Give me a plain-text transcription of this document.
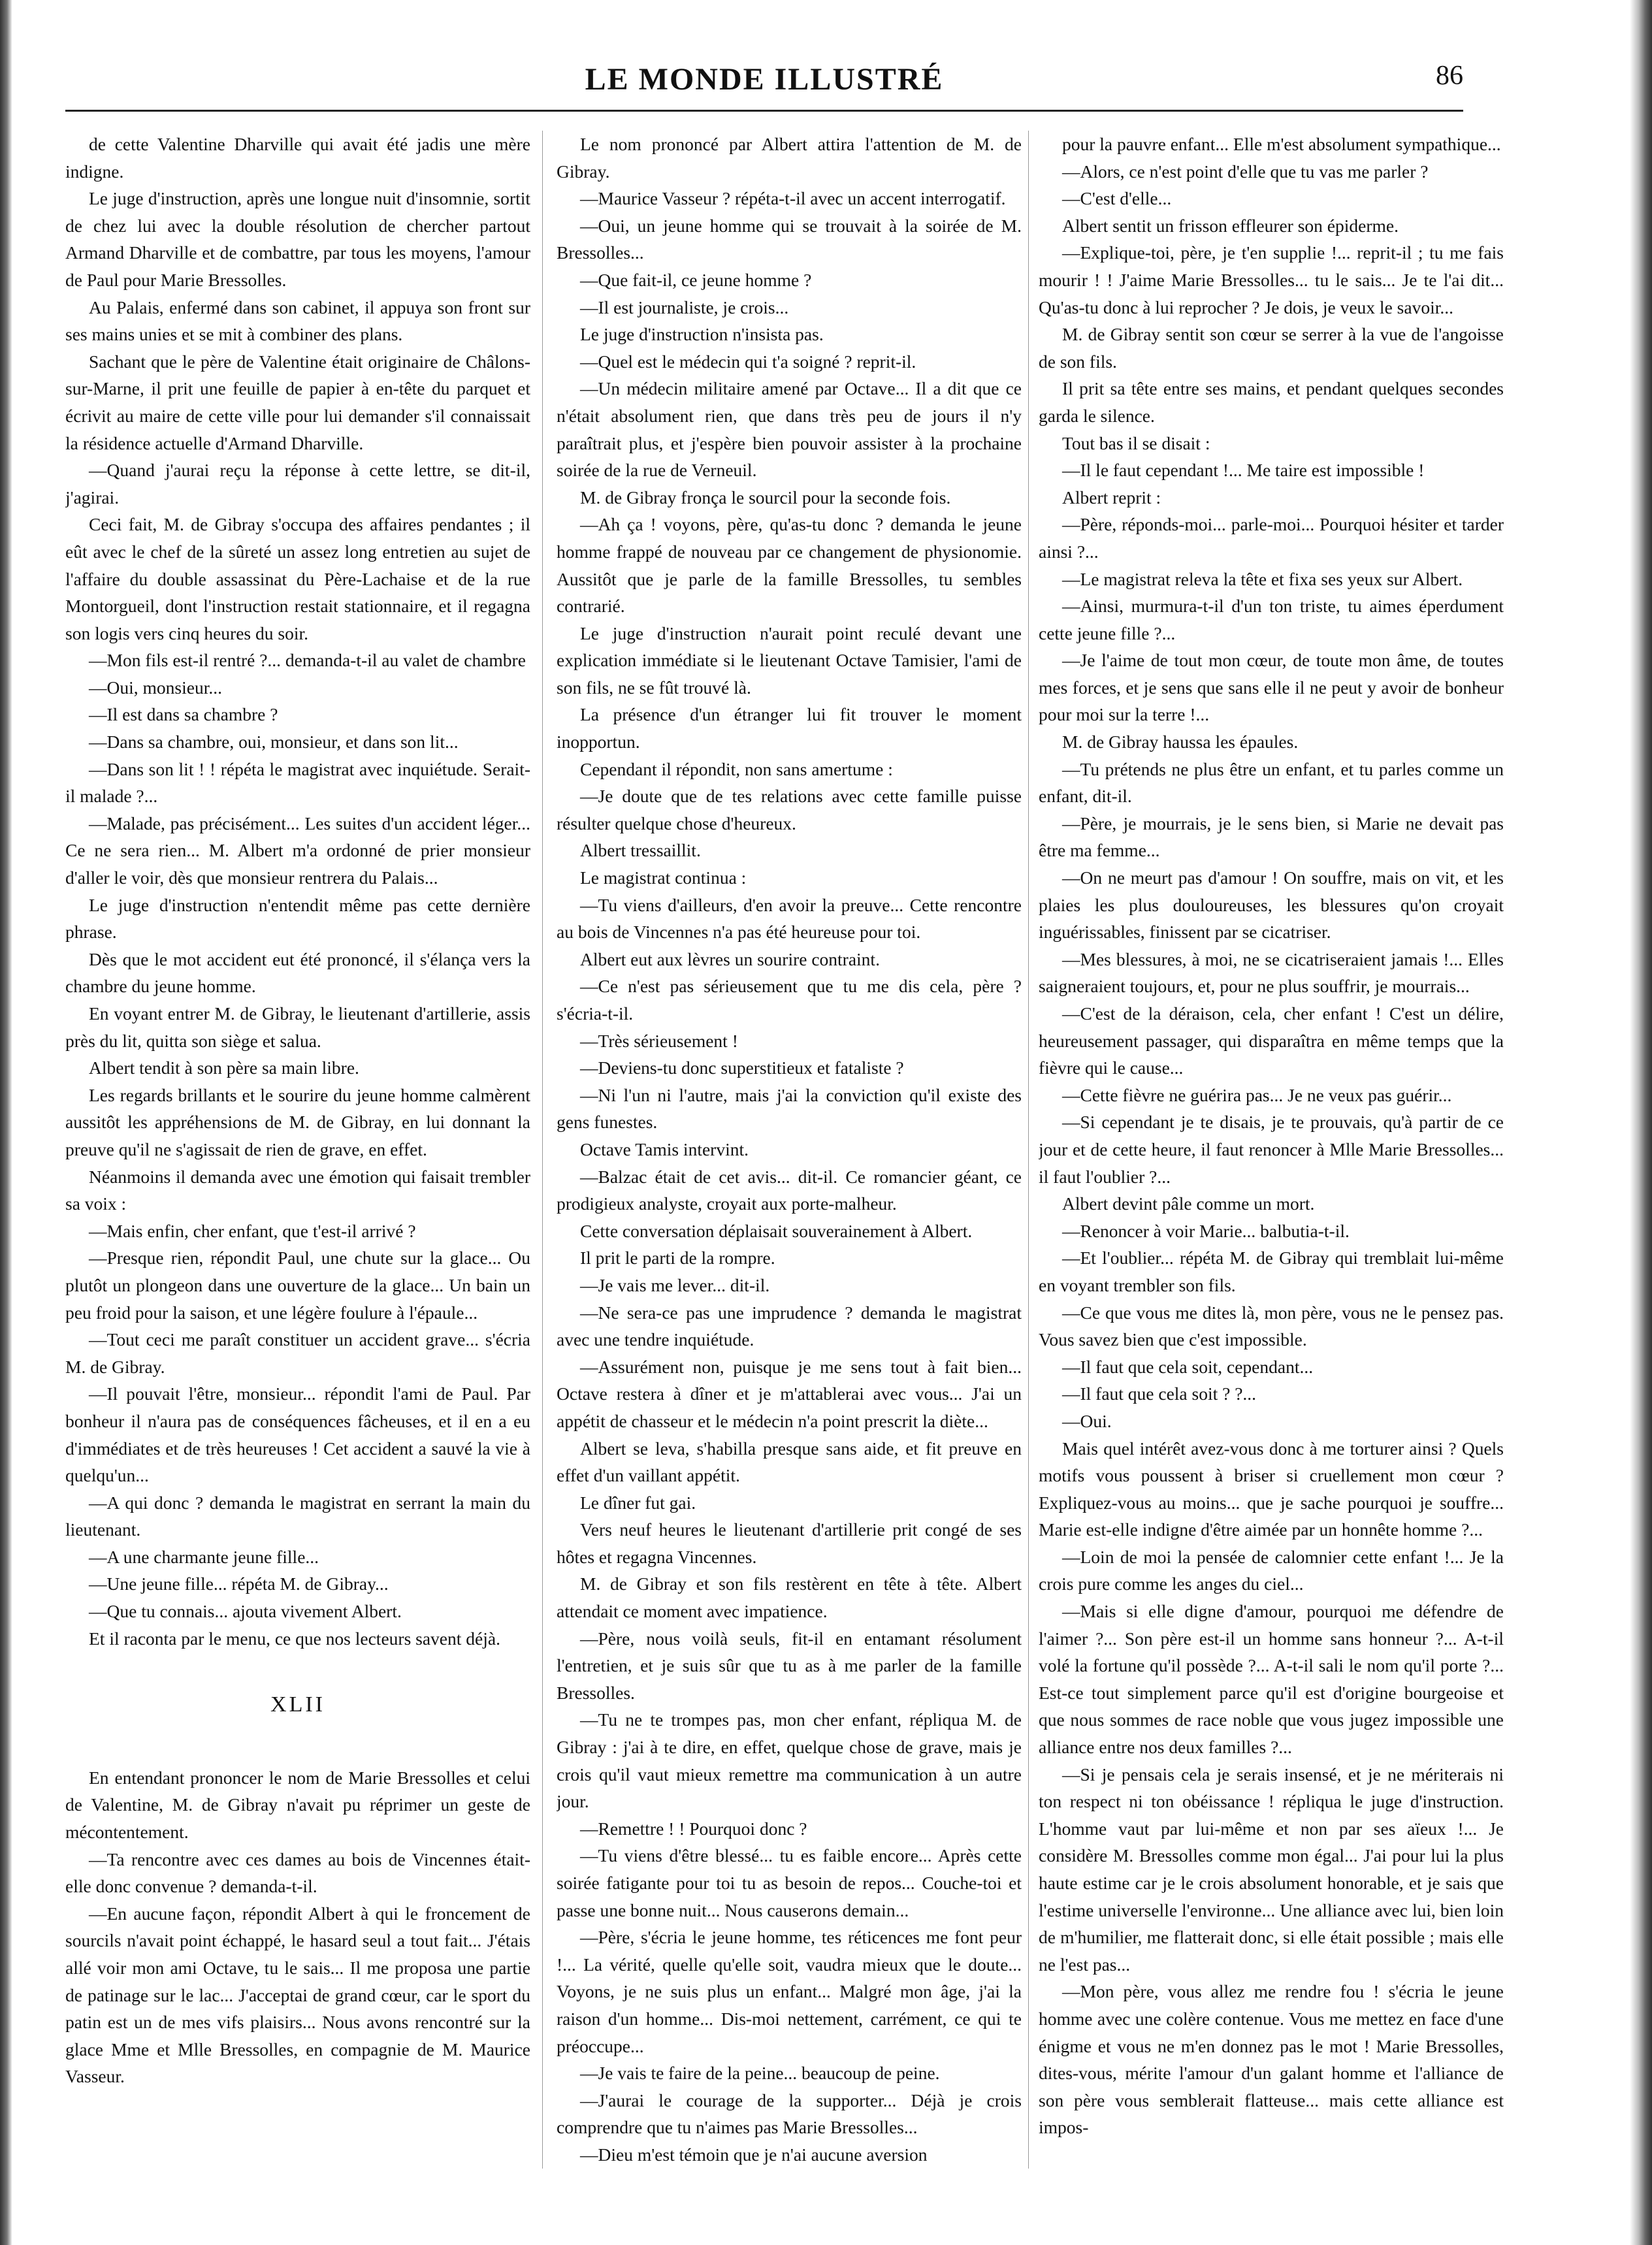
LE MONDE ILLUSTRÉ	86

de cette Valentine Dharville qui avait été jadis une mère indigne.

Le juge d'instruction, après une longue nuit d'insomnie, sortit de chez lui avec la double résolution de chercher partout Armand Dharville et de combattre, par tous les moyens, l'amour de Paul pour Marie Bressolles.

Au Palais, enfermé dans son cabinet, il appuya son front sur ses mains unies et se mit à combiner des plans.

Sachant que le père de Valentine était originaire de Châlons-sur-Marne, il prit une feuille de papier à en-tête du parquet et écrivit au maire de cette ville pour lui demander s'il connaissait la résidence actuelle d'Armand Dharville.

—Quand j'aurai reçu la réponse à cette lettre, se dit-il, j'agirai.

Ceci fait, M. de Gibray s'occupa des affaires pendantes ; il eût avec le chef de la sûreté un assez long entretien au sujet de l'affaire du double assassinat du Père-Lachaise et de la rue Montorgueil, dont l'instruction restait stationnaire, et il regagna son logis vers cinq heures du soir.

—Mon fils est-il rentré ?... demanda-t-il au valet de chambre

—Oui, monsieur...

—Il est dans sa chambre ?

—Dans sa chambre, oui, monsieur, et dans son lit...

—Dans son lit ! ! répéta le magistrat avec inquiétude. Serait-il malade ?...

—Malade, pas précisément... Les suites d'un accident léger... Ce ne sera rien... M. Albert m'a ordonné de prier monsieur d'aller le voir, dès que monsieur rentrera du Palais...

Le juge d'instruction n'entendit même pas cette dernière phrase.

Dès que le mot accident eut été prononcé, il s'élança vers la chambre du jeune homme.

En voyant entrer M. de Gibray, le lieutenant d'artillerie, assis près du lit, quitta son siège et salua.

Albert tendit à son père sa main libre.

Les regards brillants et le sourire du jeune homme calmèrent aussitôt les appréhensions de M. de Gibray, en lui donnant la preuve qu'il ne s'agissait de rien de grave, en effet.

Néanmoins il demanda avec une émotion qui faisait trembler sa voix :

—Mais enfin, cher enfant, que t'est-il arrivé ?

—Presque rien, répondit Paul, une chute sur la glace... Ou plutôt un plongeon dans une ouverture de la glace... Un bain un peu froid pour la saison, et une légère foulure à l'épaule...

—Tout ceci me paraît constituer un accident grave... s'écria M. de Gibray.

—Il pouvait l'être, monsieur... répondit l'ami de Paul. Par bonheur il n'aura pas de conséquences fâcheuses, et il en a eu d'immédiates et de très heureuses ! Cet accident a sauvé la vie à quelqu'un...

—A qui donc ? demanda le magistrat en serrant la main du lieutenant.

—A une charmante jeune fille...

—Une jeune fille... répéta M. de Gibray...

—Que tu connais... ajouta vivement Albert.

Et il raconta par le menu, ce que nos lecteurs savent déjà.

XLII

En entendant prononcer le nom de Marie Bressolles et celui de Valentine, M. de Gibray n'avait pu réprimer un geste de mécontentement.

—Ta rencontre avec ces dames au bois de Vincennes était-elle donc convenue ? demanda-t-il.

—En aucune façon, répondit Albert à qui le froncement de sourcils n'avait point échappé, le hasard seul a tout fait... J'étais allé voir mon ami Octave, tu le sais... Il me proposa une partie de patinage sur le lac... J'acceptai de grand cœur, car le sport du patin est un de mes vifs plaisirs... Nous avons rencontré sur la glace Mme et Mlle Bressolles, en compagnie de M. Maurice Vasseur.

Le nom prononcé par Albert attira l'attention de M. de Gibray.

—Maurice Vasseur ? répéta-t-il avec un accent interrogatif.

—Oui, un jeune homme qui se trouvait à la soirée de M. Bressolles...

—Que fait-il, ce jeune homme ?

—Il est journaliste, je crois...

Le juge d'instruction n'insista pas.

—Quel est le médecin qui t'a soigné ? reprit-il.

—Un médecin militaire amené par Octave... Il a dit que ce n'était absolument rien, que dans très peu de jours il n'y paraîtrait plus, et j'espère bien pouvoir assister à la prochaine soirée de la rue de Verneuil.

M. de Gibray fronça le sourcil pour la seconde fois.

—Ah ça ! voyons, père, qu'as-tu donc ? demanda le jeune homme frappé de nouveau par ce changement de physionomie. Aussitôt que je parle de la famille Bressolles, tu sembles contrarié.

Le juge d'instruction n'aurait point reculé devant une explication immédiate si le lieutenant Octave Tamisier, l'ami de son fils, ne se fût trouvé là.

La présence d'un étranger lui fit trouver le moment inopportun.

Cependant il répondit, non sans amertume :

—Je doute que de tes relations avec cette famille puisse résulter quelque chose d'heureux.

Albert tressaillit.

Le magistrat continua :

—Tu viens d'ailleurs, d'en avoir la preuve... Cette rencontre au bois de Vincennes n'a pas été heureuse pour toi.

Albert eut aux lèvres un sourire contraint.

—Ce n'est pas sérieusement que tu me dis cela, père ? s'écria-t-il.

—Très sérieusement !

—Deviens-tu donc superstitieux et fataliste ?

—Ni l'un ni l'autre, mais j'ai la conviction qu'il existe des gens funestes.

Octave Tamis intervint.

—Balzac était de cet avis... dit-il. Ce romancier géant, ce prodigieux analyste, croyait aux porte-malheur.

Cette conversation déplaisait souverainement à Albert.

Il prit le parti de la rompre.

—Je vais me lever... dit-il.

—Ne sera-ce pas une imprudence ? demanda le magistrat avec une tendre inquiétude.

—Assurément non, puisque je me sens tout à fait bien... Octave restera à dîner et je m'attablerai avec vous... J'ai un appétit de chasseur et le médecin n'a point prescrit la diète...

Albert se leva, s'habilla presque sans aide, et fit preuve en effet d'un vaillant appétit.

Le dîner fut gai.

Vers neuf heures le lieutenant d'artillerie prit congé de ses hôtes et regagna Vincennes.

M. de Gibray et son fils restèrent en tête à tête. Albert attendait ce moment avec impatience.

—Père, nous voilà seuls, fit-il en entamant résolument l'entretien, et je suis sûr que tu as à me parler de la famille Bressolles.

—Tu ne te trompes pas, mon cher enfant, répliqua M. de Gibray : j'ai à te dire, en effet, quelque chose de grave, mais je crois qu'il vaut mieux remettre ma communication à un autre jour.

—Remettre ! ! Pourquoi donc ?

—Tu viens d'être blessé... tu es faible encore... Après cette soirée fatigante pour toi tu as besoin de repos... Couche-toi et passe une bonne nuit... Nous causerons demain...

—Père, s'écria le jeune homme, tes réticences me font peur !... La vérité, quelle qu'elle soit, vaudra mieux que le doute... Voyons, je ne suis plus un enfant... Malgré mon âge, j'ai la raison d'un homme... Dis-moi nettement, carrément, ce qui te préoccupe...

—Je vais te faire de la peine... beaucoup de peine.

—J'aurai le courage de la supporter... Déjà je crois comprendre que tu n'aimes pas Marie Bressolles...

—Dieu m'est témoin que je n'ai aucune aversion

pour la pauvre enfant... Elle m'est absolument sympathique...

—Alors, ce n'est point d'elle que tu vas me parler ?

—C'est d'elle...

Albert sentit un frisson effleurer son épiderme.

—Explique-toi, père, je t'en supplie !... reprit-il ; tu me fais mourir ! ! J'aime Marie Bressolles... tu le sais... Je te l'ai dit... Qu'as-tu donc à lui reprocher ? Je dois, je veux le savoir...

M. de Gibray sentit son cœur se serrer à la vue de l'angoisse de son fils.

Il prit sa tête entre ses mains, et pendant quelques secondes garda le silence.

Tout bas il se disait :

—Il le faut cependant !... Me taire est impossible !

Albert reprit :

—Père, réponds-moi... parle-moi... Pourquoi hésiter et tarder ainsi ?...

—Le magistrat releva la tête et fixa ses yeux sur Albert.

—Ainsi, murmura-t-il d'un ton triste, tu aimes éperdument cette jeune fille ?...

—Je l'aime de tout mon cœur, de toute mon âme, de toutes mes forces, et je sens que sans elle il ne peut y avoir de bonheur pour moi sur la terre !...

M. de Gibray haussa les épaules.

—Tu prétends ne plus être un enfant, et tu parles comme un enfant, dit-il.

—Père, je mourrais, je le sens bien, si Marie ne devait pas être ma femme...

—On ne meurt pas d'amour ! On souffre, mais on vit, et les plaies les plus douloureuses, les blessures qu'on croyait inguérissables, finissent par se cicatriser.

—Mes blessures, à moi, ne se cicatriseraient jamais !... Elles saigneraient toujours, et, pour ne plus souffrir, je mourrais...

—C'est de la déraison, cela, cher enfant ! C'est un délire, heureusement passager, qui disparaîtra en même temps que la fièvre qui le cause...

—Cette fièvre ne guérira pas... Je ne veux pas guérir...

—Si cependant je te disais, je te prouvais, qu'à partir de ce jour et de cette heure, il faut renoncer à Mlle Marie Bressolles... il faut l'oublier ?...

Albert devint pâle comme un mort.

—Renoncer à voir Marie... balbutia-t-il.

—Et l'oublier... répéta M. de Gibray qui tremblait lui-même en voyant trembler son fils.

—Ce que vous me dites là, mon père, vous ne le pensez pas. Vous savez bien que c'est impossible.

—Il faut que cela soit, cependant...

—Il faut que cela soit ? ?...

—Oui.

Mais quel intérêt avez-vous donc à me torturer ainsi ? Quels motifs vous poussent à briser si cruellement mon cœur ? Expliquez-vous au moins... que je sache pourquoi je souffre... Marie est-elle indigne d'être aimée par un honnête homme ?...

—Loin de moi la pensée de calomnier cette enfant !... Je la crois pure comme les anges du ciel...

—Mais si elle digne d'amour, pourquoi me défendre de l'aimer ?... Son père est-il un homme sans honneur ?... A-t-il volé la fortune qu'il possède ?... A-t-il sali le nom qu'il porte ?... Est-ce tout simplement parce qu'il est d'origine bourgeoise et que nous sommes de race noble que vous jugez impossible une alliance entre nos deux familles ?...

—Si je pensais cela je serais insensé, et je ne mériterais ni ton respect ni ton obéissance ! répliqua le juge d'instruction. L'homme vaut par lui-même et non par ses aïeux !... Je considère M. Bressolles comme mon égal... J'ai pour lui la plus haute estime car je le crois absolument honorable, et je sais que l'estime universelle l'environne... Une alliance avec lui, bien loin de m'humilier, me flatterait donc, si elle était possible ; mais elle ne l'est pas...

—Mon père, vous allez me rendre fou ! s'écria le jeune homme avec une colère contenue. Vous me mettez en face d'une énigme et vous ne m'en donnez pas le mot ! Marie Bressolles, dites-vous, mérite l'amour d'un galant homme et l'alliance de son père vous semblerait flatteuse... mais cette alliance est impos-
